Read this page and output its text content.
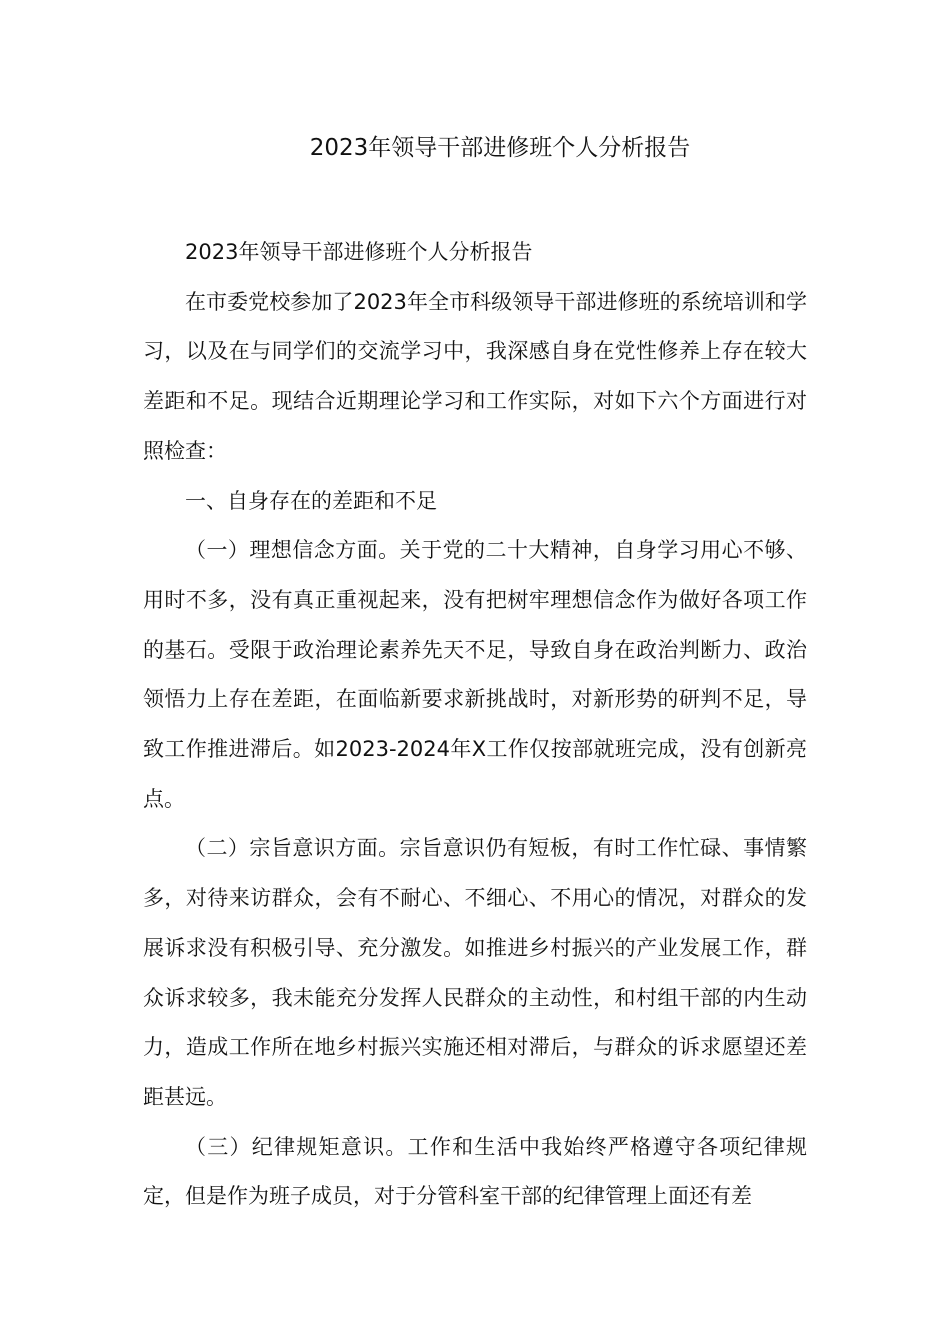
2023年领导干部进修班个人分析报告

2023年领导干部进修班个人分析报告

在市委党校参加了2023年全市科级领导干部进修班的系统培训和学习，以及在与同学们的交流学习中，我深感自身在党性修养上存在较大差距和不足。现结合近期理论学习和工作实际，对如下六个方面进行对照检查：

一、自身存在的差距和不足

（一）理想信念方面。关于党的二十大精神，自身学习用心不够、用时不多，没有真正重视起来，没有把树牢理想信念作为做好各项工作的基石。受限于政治理论素养先天不足，导致自身在政治判断力、政治领悟力上存在差距，在面临新要求新挑战时，对新形势的研判不足，导致工作推进滞后。如2023-2024年X工作仅按部就班完成，没有创新亮点。

（二）宗旨意识方面。宗旨意识仍有短板，有时工作忙碌、事情繁多，对待来访群众，会有不耐心、不细心、不用心的情况，对群众的发展诉求没有积极引导、充分激发。如推进乡村振兴的产业发展工作，群众诉求较多，我未能充分发挥人民群众的主动性，和村组干部的内生动力，造成工作所在地乡村振兴实施还相对滞后，与群众的诉求愿望还差距甚远。

（三）纪律规矩意识。工作和生活中我始终严格遵守各项纪律规定，但是作为班子成员，对于分管科室干部的纪律管理上面还有差
